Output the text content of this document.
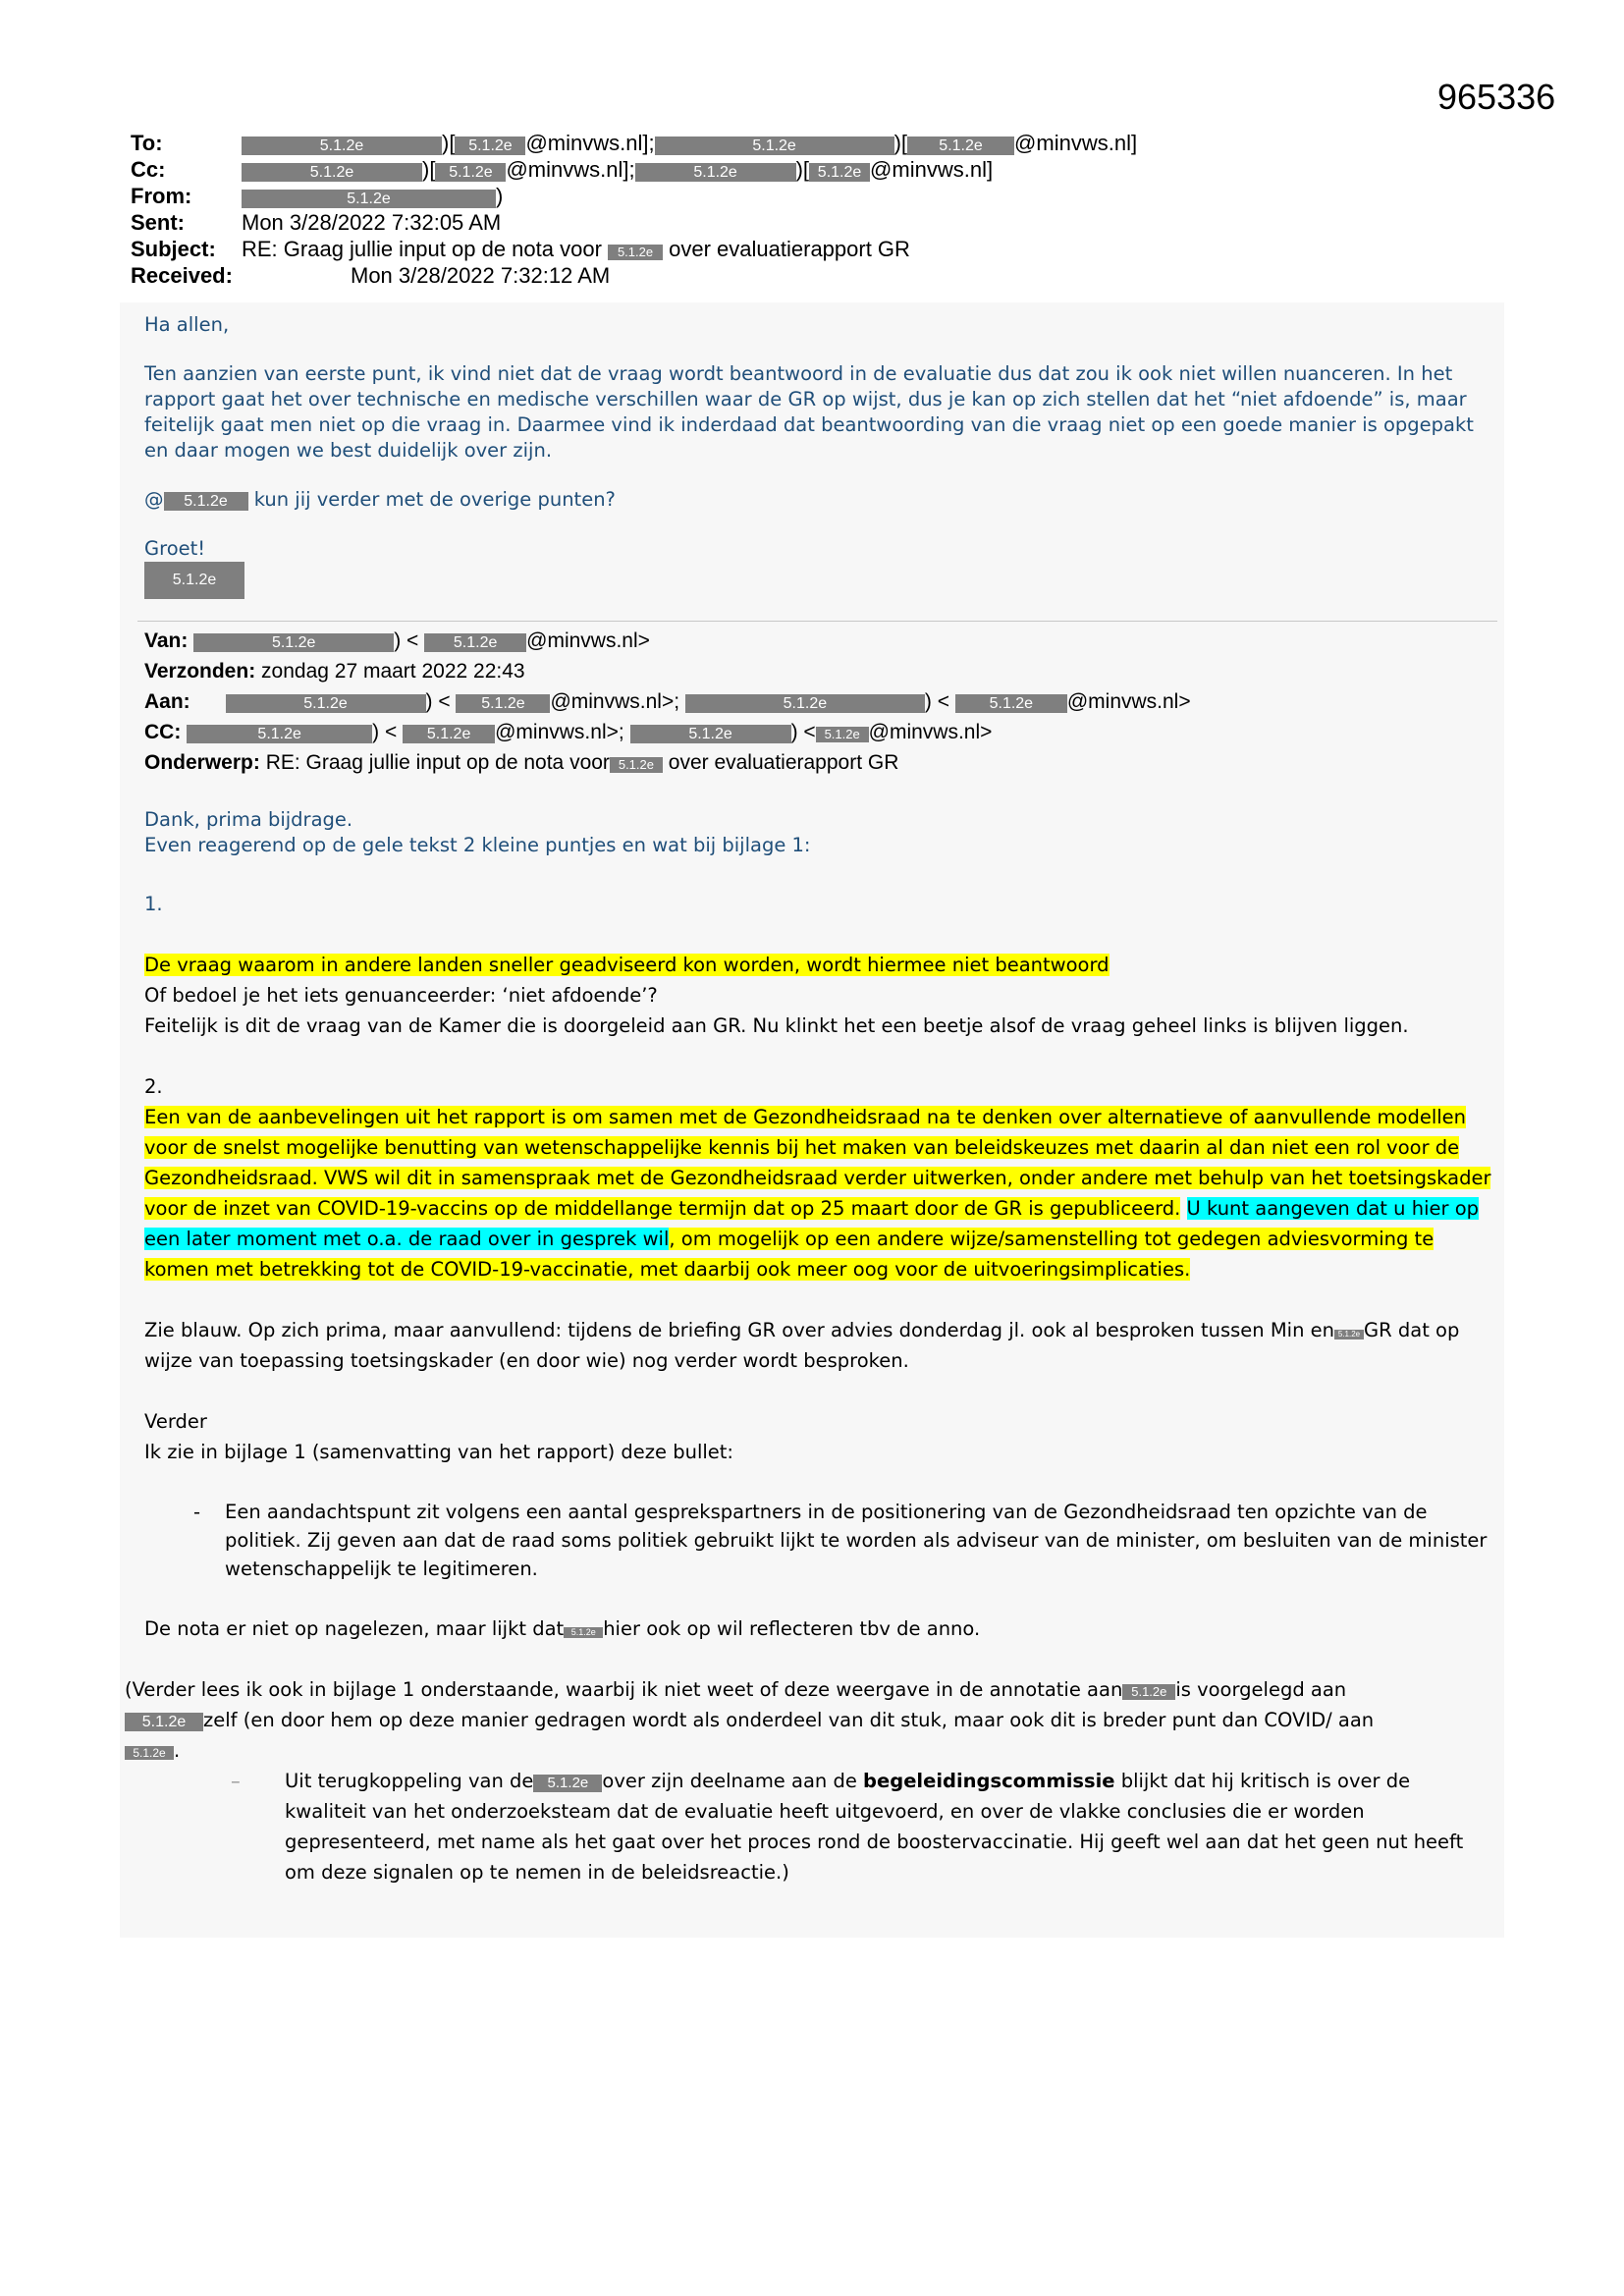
965336
To:	5.1.2e	)[ 5.1.2e @minvws.nl];	5.1.2e	)[ 5.1.2e @minvws.nl]
Cc:	5.1.2e	)[ 5.1.2e @minvws.nl];	5.1.2e	)[ 5.1.2e @minvws.nl]
From:	5.1.2e	)
Sent:	Mon 3/28/2022 7:32:05 AM
Subject: RE: Graag jullie input op de nota voor 5.1.2e over evaluatierapport GR
Received:	Mon 3/28/2022 7:32:12 AM

Ha allen,

Ten aanzien van eerste punt, ik vind niet dat de vraag wordt beantwoord in de evaluatie dus dat zou ik ook niet willen nuanceren. In het rapport gaat het over technische en medische verschillen waar de GR op wijst, dus je kan op zich stellen dat het “niet afdoende” is, maar feitelijk gaat men niet op die vraag in. Daarmee vind ik inderdaad dat beantwoording van die vraag niet op een goede manier is opgepakt en daar mogen we best duidelijk over zijn.

@ 5.1.2e kun jij verder met de overige punten?

Groet!

5.1.2e

Van:	5.1.2e	) < 5.1.2e @minvws.nl>
Verzonden: zondag 27 maart 2022 22:43
Aan:	5.1.2e	) < 5.1.2e @minvws.nl>;	5.1.2e	) < 5.1.2e @minvws.nl>
CC:	5.1.2e	) < 5.1.2e @minvws.nl>;	5.1.2e	) < 5.1.2e @minvws.nl>
Onderwerp: RE: Graag jullie input op de nota voor 5.1.2e over evaluatierapport GR

Dank, prima bijdrage.

Even reagerend op de gele tekst 2 kleine puntjes en wat bij bijlage 1:

1.

De vraag waarom in andere landen sneller geadviseerd kon worden, wordt hiermee niet beantwoord

Of bedoel je het iets genuanceerder: ‘niet afdoende’?

Feitelijk is dit de vraag van de Kamer die is doorgeleid aan GR. Nu klinkt het een beetje alsof de vraag geheel links is blijven liggen.

2.

Een van de aanbevelingen uit het rapport is om samen met de Gezondheidsraad na te denken over alternatieve of aanvullende modellen voor de snelst mogelijke benutting van wetenschappelijke kennis bij het maken van beleidskeuzes met daarin al dan niet een rol voor de Gezondheidsraad. VWS wil dit in samenspraak met de Gezondheidsraad verder uitwerken, onder andere met behulp van het toetsingskader voor de inzet van COVID-19-vaccins op de middellange termijn dat op 25 maart door de GR is gepubliceerd. U kunt aangeven dat u hier op een later moment met o.a. de raad over in gesprek wil, om mogelijk op een andere wijze/samenstelling tot gedegen adviesvorming te komen met betrekking tot de COVID-19-vaccinatie, met daarbij ook meer oog voor de uitvoeringsimplicaties.

Zie blauw. Op zich prima, maar aanvullend: tijdens de briefing GR over advies donderdag jl. ook al besproken tussen Min en 5.1.2e GR dat op wijze van toepassing toetsingskader (en door wie) nog verder wordt besproken.

Verder

Ik zie in bijlage 1 (samenvatting van het rapport) deze bullet:

- Een aandachtspunt zit volgens een aantal gesprekspartners in de positionering van de Gezondheidsraad ten opzichte van de politiek. Zij geven aan dat de raad soms politiek gebruikt lijkt te worden als adviseur van de minister, om besluiten van de minister wetenschappelijk te legitimeren.

De nota er niet op nagelezen, maar lijkt dat 5.1.2e hier ook op wil reflecteren tbv de anno.

(Verder lees ik ook in bijlage 1 onderstaande, waarbij ik niet weet of deze weergave in de annotatie aan 5.1.2e is voorgelegd aan
5.1.2e zelf (en door hem op deze manier gedragen wordt als onderdeel van dit stuk, maar ook dit is breder punt dan COVID/ aan
5.1.2e .

– Uit terugkoppeling van de 5.1.2e over zijn deelname aan de begeleidingscommissie blijkt dat hij kritisch is over de kwaliteit van het onderzoeksteam dat de evaluatie heeft uitgevoerd, en over de vlakke conclusies die er worden gepresenteerd, met name als het gaat over het proces rond de boostervaccinatie. Hij geeft wel aan dat het geen nut heeft om deze signalen op te nemen in de beleidsreactie.)
